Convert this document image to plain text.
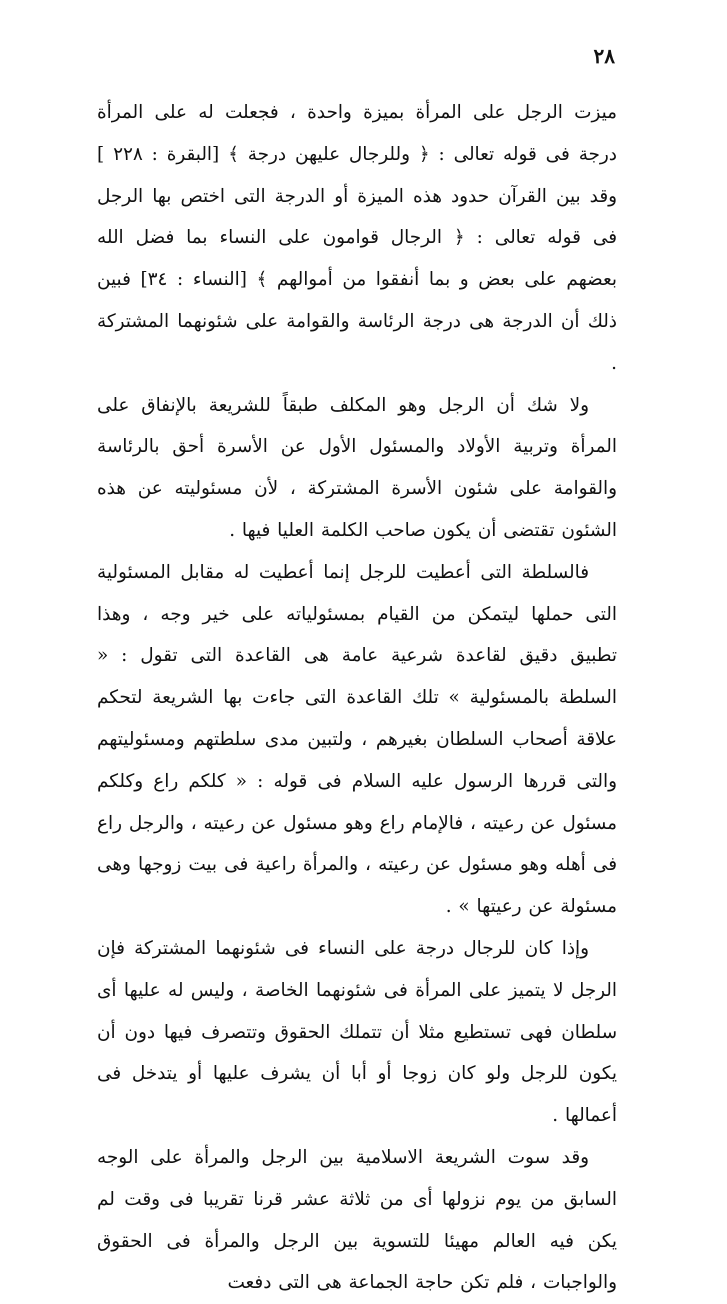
٢٨

ميزت الرجل على المرأة بميزة واحدة ، فجعلت له على المرأة درجة فى قوله تعالى : ﴿ وللرجال عليهن درجة ﴾ [البقرة : ٢٢٨ ] وقد بين القرآن حدود هذه الميزة أو الدرجة التى اختص بها الرجل فى قوله تعالى : ﴿ الرجال قوامون على النساء بما فضل الله بعضهم على بعض و بما أنفقوا من أموالهم ﴾ [النساء : ٣٤] فبين ذلك أن الدرجة هى درجة الرئاسة والقوامة على شئونهما المشتركة .

ولا شك أن الرجل وهو المكلف طبقاً للشريعة بالإنفاق على المرأة وتربية الأولاد والمسئول الأول عن الأسرة أحق بالرئاسة والقوامة على شئون الأسرة المشتركة ، لأن مسئوليته عن هذه الشئون تقتضى أن يكون صاحب الكلمة العليا فيها .

فالسلطة التى أعطيت للرجل إنما أعطيت له مقابل المسئولية التى حملها ليتمكن من القيام بمسئولياته على خير وجه ، وهذا تطبيق دقيق لقاعدة شرعية عامة هى القاعدة التى تقول : « السلطة بالمسئولية » تلك القاعدة التى جاءت بها الشريعة لتحكم علاقة أصحاب السلطان بغيرهم ، ولتبين مدى سلطتهم ومسئوليتهم والتى قررها الرسول عليه السلام فى قوله : « كلكم راع وكلكم مسئول عن رعيته ، فالإمام راع وهو مسئول عن رعيته ، والرجل راع فى أهله وهو مسئول عن رعيته ، والمرأة راعية فى بيت زوجها وهى مسئولة عن رعيتها » .

وإذا كان للرجال درجة على النساء فى شئونهما المشتركة فإن الرجل لا يتميز على المرأة فى شئونهما الخاصة ، وليس له عليها أى سلطان فهى تستطيع مثلا أن تتملك الحقوق وتتصرف فيها دون أن يكون للرجل ولو كان زوجا أو أبا أن يشرف عليها أو يتدخل فى أعمالها .

وقد سوت الشريعة الاسلامية بين الرجل والمرأة على الوجه السابق من يوم نزولها أى من ثلاثة عشر قرنا تقريبا فى وقت لم يكن فيه العالم مهيئا للتسوية بين الرجل والمرأة فى الحقوق والواجبات ، فلم تكن حاجة الجماعة هى التى دفعت
